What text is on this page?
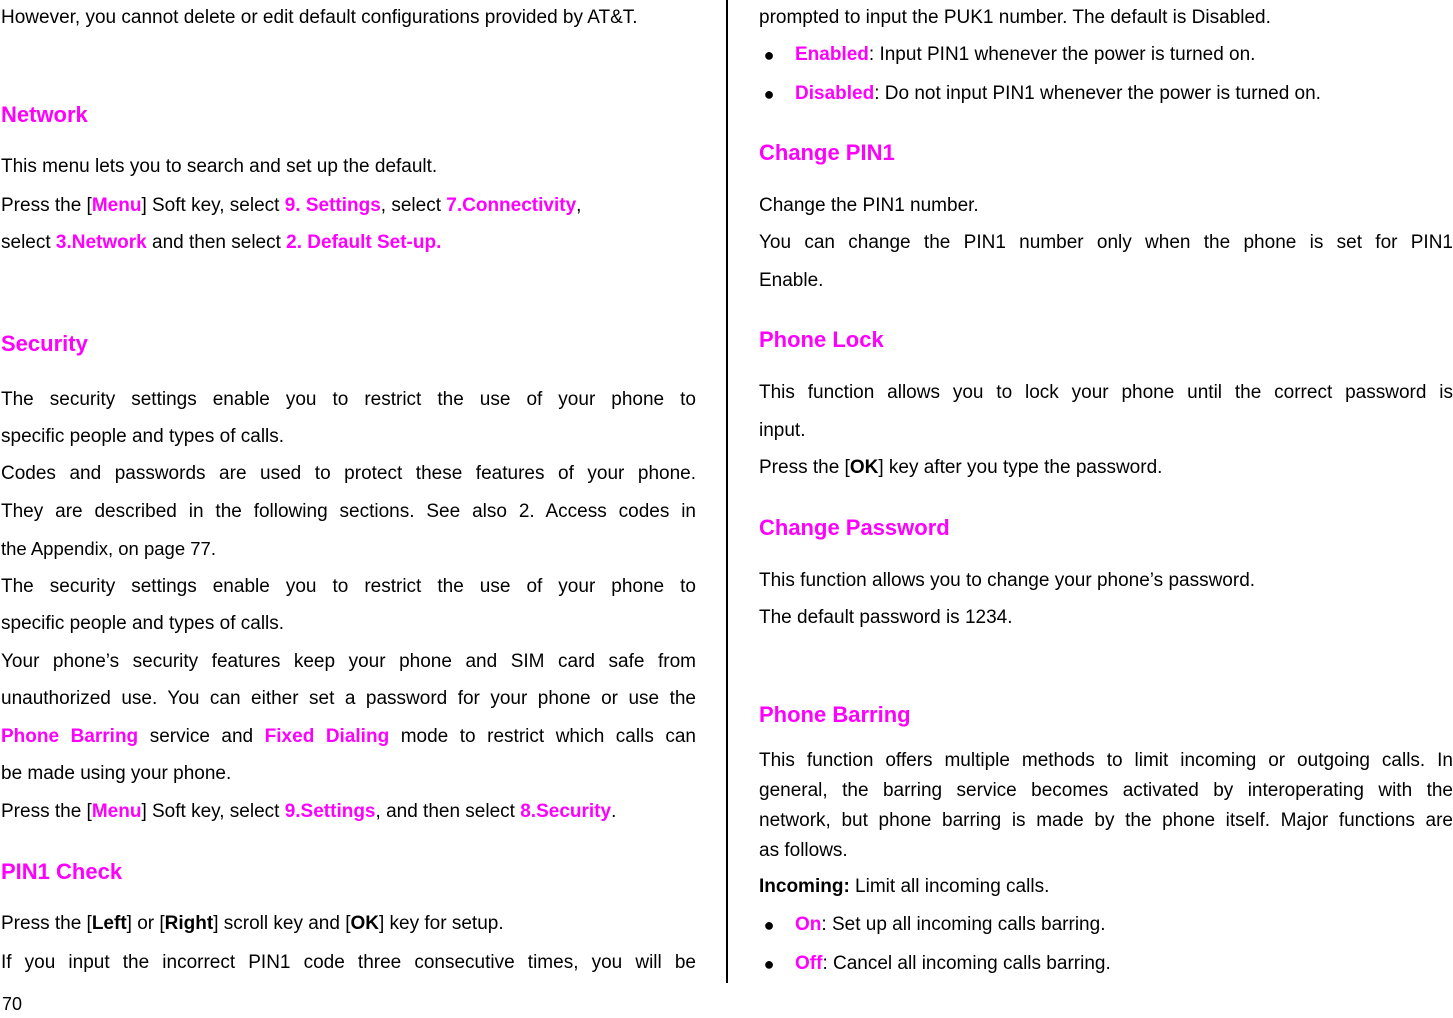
However, you cannot delete or edit default configurations provided by AT&T.
Network
This menu lets you to search and set up the default.
Press the [Menu] Soft key, select 9. Settings, select 7.Connectivity,
select 3.Network and then select 2. Default Set-up.
Security
The security settings enable you to restrict the use of your phone to
specific people and types of calls.
Codes and passwords are used to protect these features of your phone.
They are described in the following sections. See also 2. Access codes in
the Appendix, on page 77.
The security settings enable you to restrict the use of your phone to
specific people and types of calls.
Your phone’s security features keep your phone and SIM card safe from
unauthorized use. You can either set a password for your phone or use the
Phone Barring service and Fixed Dialing mode to restrict which calls can
be made using your phone.
Press the [Menu] Soft key, select 9.Settings, and then select 8.Security.
PIN1 Check
Press the [Left] or [Right] scroll key and [OK] key for setup.
If you input the incorrect PIN1 code three consecutive times, you will be
prompted to input the PUK1 number. The default is Disabled.
● Enabled: Input PIN1 whenever the power is turned on.
● Disabled: Do not input PIN1 whenever the power is turned on.
Change PIN1
Change the PIN1 number.
You can change the PIN1 number only when the phone is set for PIN1
Enable.
Phone Lock
This function allows you to lock your phone until the correct password is
input.
Press the [OK] key after you type the password.
Change Password
This function allows you to change your phone’s password.
The default password is 1234.
Phone Barring
This function offers multiple methods to limit incoming or outgoing calls. In
general, the barring service becomes activated by interoperating with the
network, but phone barring is made by the phone itself. Major functions are
as follows.
Incoming: Limit all incoming calls.
● On: Set up all incoming calls barring.
● Off: Cancel all incoming calls barring.
70
